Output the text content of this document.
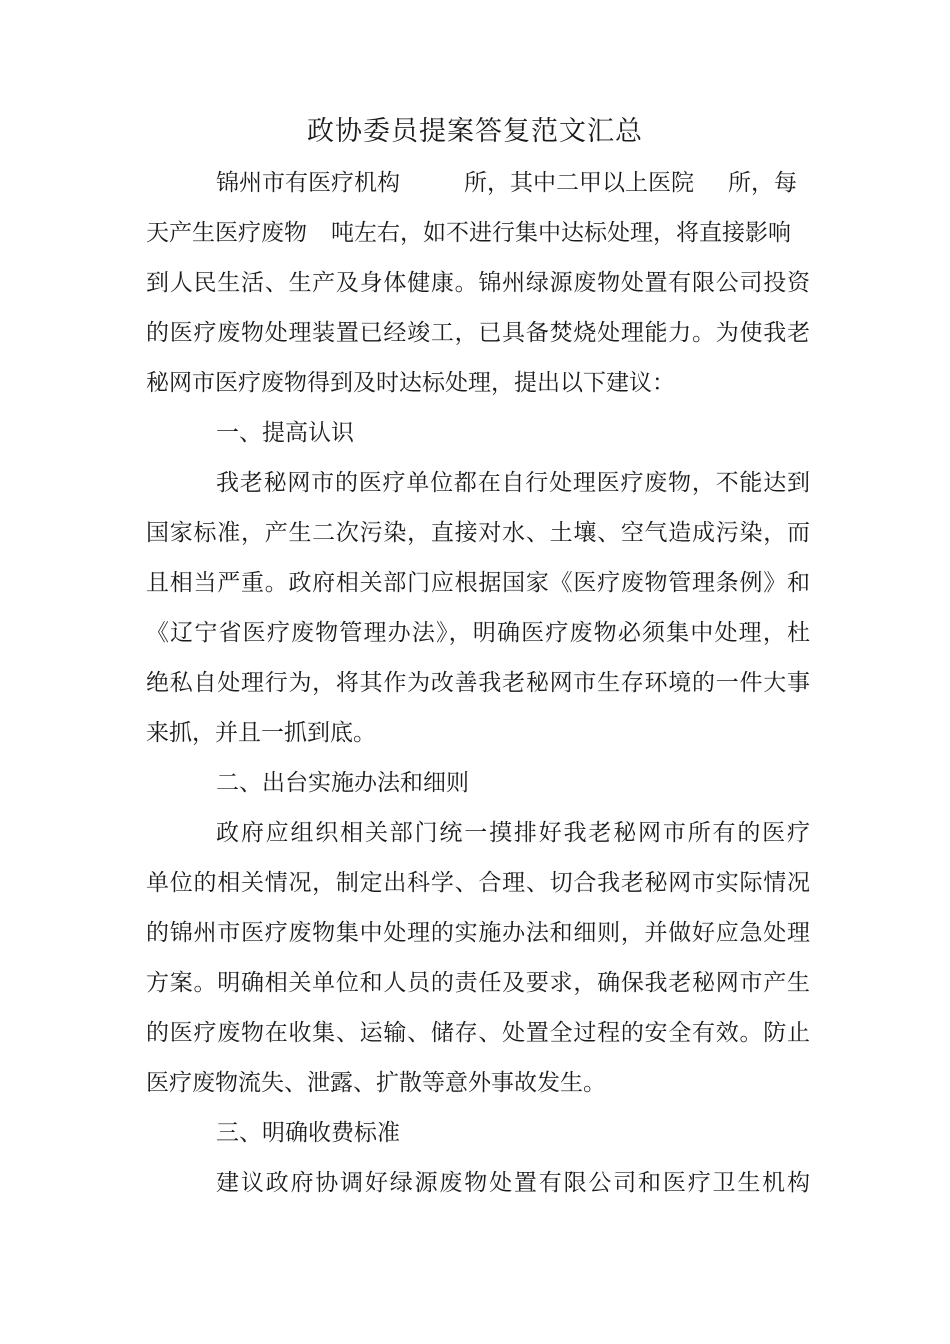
政协委员提案答复范文汇总
锦州市有医疗机构	所，其中二甲以上医院 所，每
天产生医疗废物 吨左右，如不进行集中达标处理，将直接影响
到人民生活、生产及身体健康。锦州绿源废物处置有限公司投资
的医疗废物处理装置已经竣工，已具备焚烧处理能力。为使我老
秘网市医疗废物得到及时达标处理，提出以下建议：
一、提高认识
我老秘网市的医疗单位都在自行处理医疗废物，不能达到
国家标准，产生二次污染，直接对水、土壤、空气造成污染，而
且相当严重。政府相关部门应根据国家《医疗废物管理条例》和
《辽宁省医疗废物管理办法》，明确医疗废物必须集中处理，杜
绝私自处理行为，将其作为改善我老秘网市生存环境的一件大事
来抓，并且一抓到底。
二、出台实施办法和细则
政府应组织相关部门统一摸排好我老秘网市所有的医疗
单位的相关情况，制定出科学、合理、切合我老秘网市实际情况
的锦州市医疗废物集中处理的实施办法和细则，并做好应急处理
方案。明确相关单位和人员的责任及要求，确保我老秘网市产生
的医疗废物在收集、运输、储存、处置全过程的安全有效。防止
医疗废物流失、泄露、扩散等意外事故发生。
三、明确收费标准
建议政府协调好绿源废物处置有限公司和医疗卫生机构
